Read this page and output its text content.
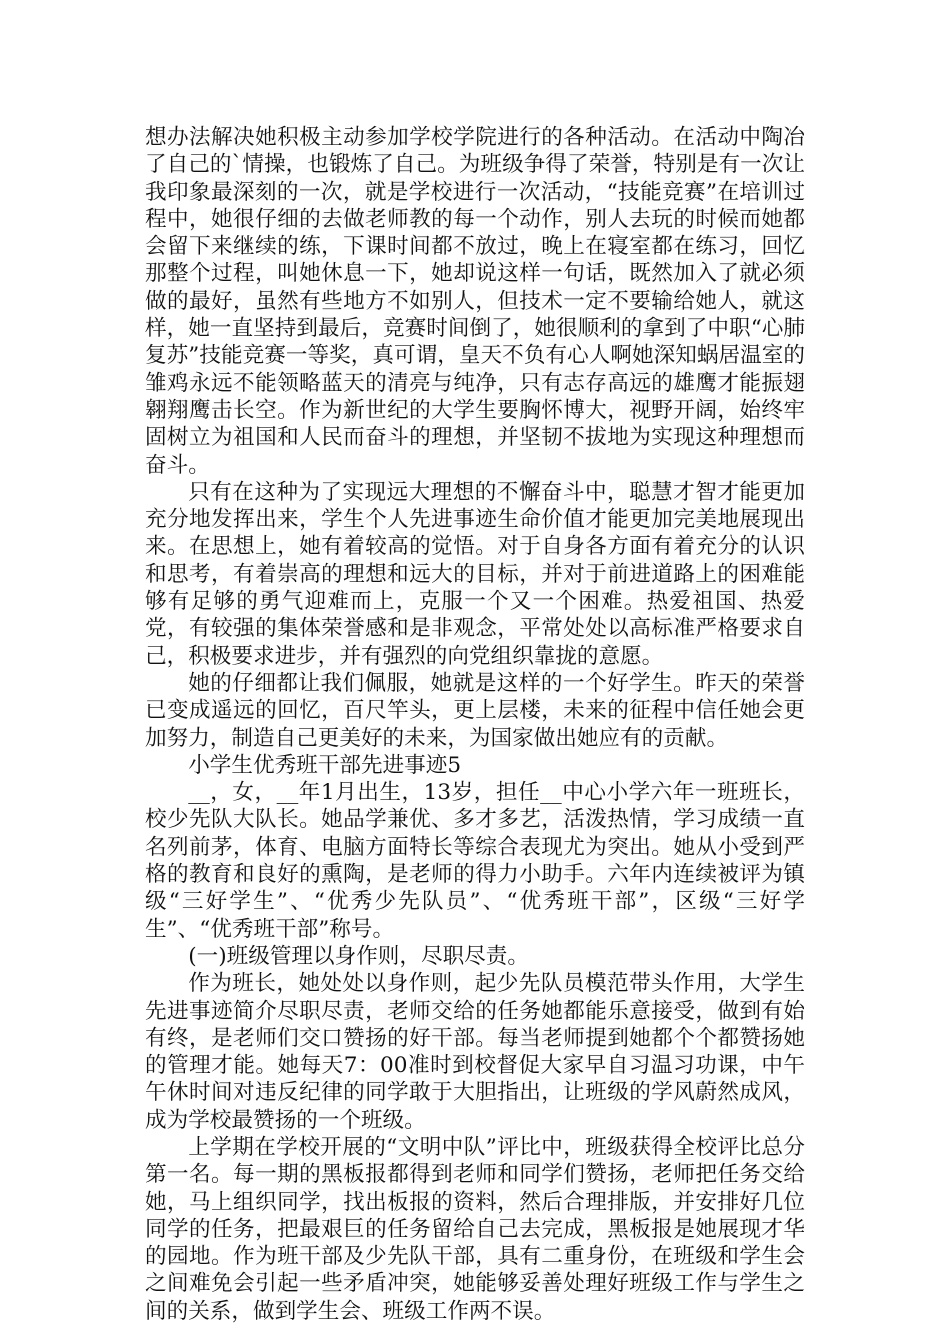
想办法解决她积极主动参加学校学院进行的各种活动。在活动中陶冶了自己的`情操，也锻炼了自己。为班级争得了荣誉，特别是有一次让我印象最深刻的一次，就是学校进行一次活动，“技能竞赛”在培训过程中，她很仔细的去做老师教的每一个动作，别人去玩的时候而她都会留下来继续的练，下课时间都不放过，晚上在寝室都在练习，回忆那整个过程，叫她休息一下，她却说这样一句话，既然加入了就必须做的最好，虽然有些地方不如别人，但技术一定不要输给她人，就这样，她一直坚持到最后，竞赛时间倒了，她很顺利的拿到了中职“心肺复苏”技能竞赛一等奖，真可谓，皇天不负有心人啊她深知蜗居温室的雏鸡永远不能领略蓝天的清亮与纯净，只有志存高远的雄鹰才能振翅翱翔鹰击长空。作为新世纪的大学生要胸怀博大，视野开阔，始终牢固树立为祖国和人民而奋斗的理想，并坚韧不拔地为实现这种理想而奋斗。

只有在这种为了实现远大理想的不懈奋斗中，聪慧才智才能更加充分地发挥出来，学生个人先进事迹生命价值才能更加完美地展现出来。在思想上，她有着较高的觉悟。对于自身各方面有着充分的认识和思考，有着崇高的理想和远大的目标，并对于前进道路上的困难能够有足够的勇气迎难而上，克服一个又一个困难。热爱祖国、热爱党，有较强的集体荣誉感和是非观念，平常处处以高标准严格要求自己，积极要求进步，并有强烈的向党组织靠拢的意愿。

她的仔细都让我们佩服，她就是这样的一个好学生。昨天的荣誉已变成遥远的回忆，百尺竿头，更上层楼，未来的征程中信任她会更加努力，制造自己更美好的未来，为国家做出她应有的贡献。

小学生优秀班干部先进事迹5

__，女，__年1月出生，13岁，担任__中心小学六年一班班长，校少先队大队长。她品学兼优、多才多艺，活泼热情，学习成绩一直名列前茅，体育、电脑方面特长等综合表现尤为突出。她从小受到严格的教育和良好的熏陶，是老师的得力小助手。六年内连续被评为镇级“三好学生”、“优秀少先队员”、“优秀班干部”，区级“三好学生”、“优秀班干部”称号。

(一)班级管理以身作则，尽职尽责。

作为班长，她处处以身作则，起少先队员模范带头作用，大学生先进事迹简介尽职尽责，老师交给的任务她都能乐意接受，做到有始有终，是老师们交口赞扬的好干部。每当老师提到她都个个都赞扬她的管理才能。她每天7：00准时到校督促大家早自习温习功课，中午午休时间对违反纪律的同学敢于大胆指出，让班级的学风蔚然成风，成为学校最赞扬的一个班级。

上学期在学校开展的“文明中队”评比中，班级获得全校评比总分第一名。每一期的黑板报都得到老师和同学们赞扬，老师把任务交给她，马上组织同学，找出板报的资料，然后合理排版，并安排好几位同学的任务，把最艰巨的任务留给自己去完成，黑板报是她展现才华的园地。作为班干部及少先队干部，具有二重身份，在班级和学生会之间难免会引起一些矛盾冲突，她能够妥善处理好班级工作与学生之间的关系，做到学生会、班级工作两不误。
